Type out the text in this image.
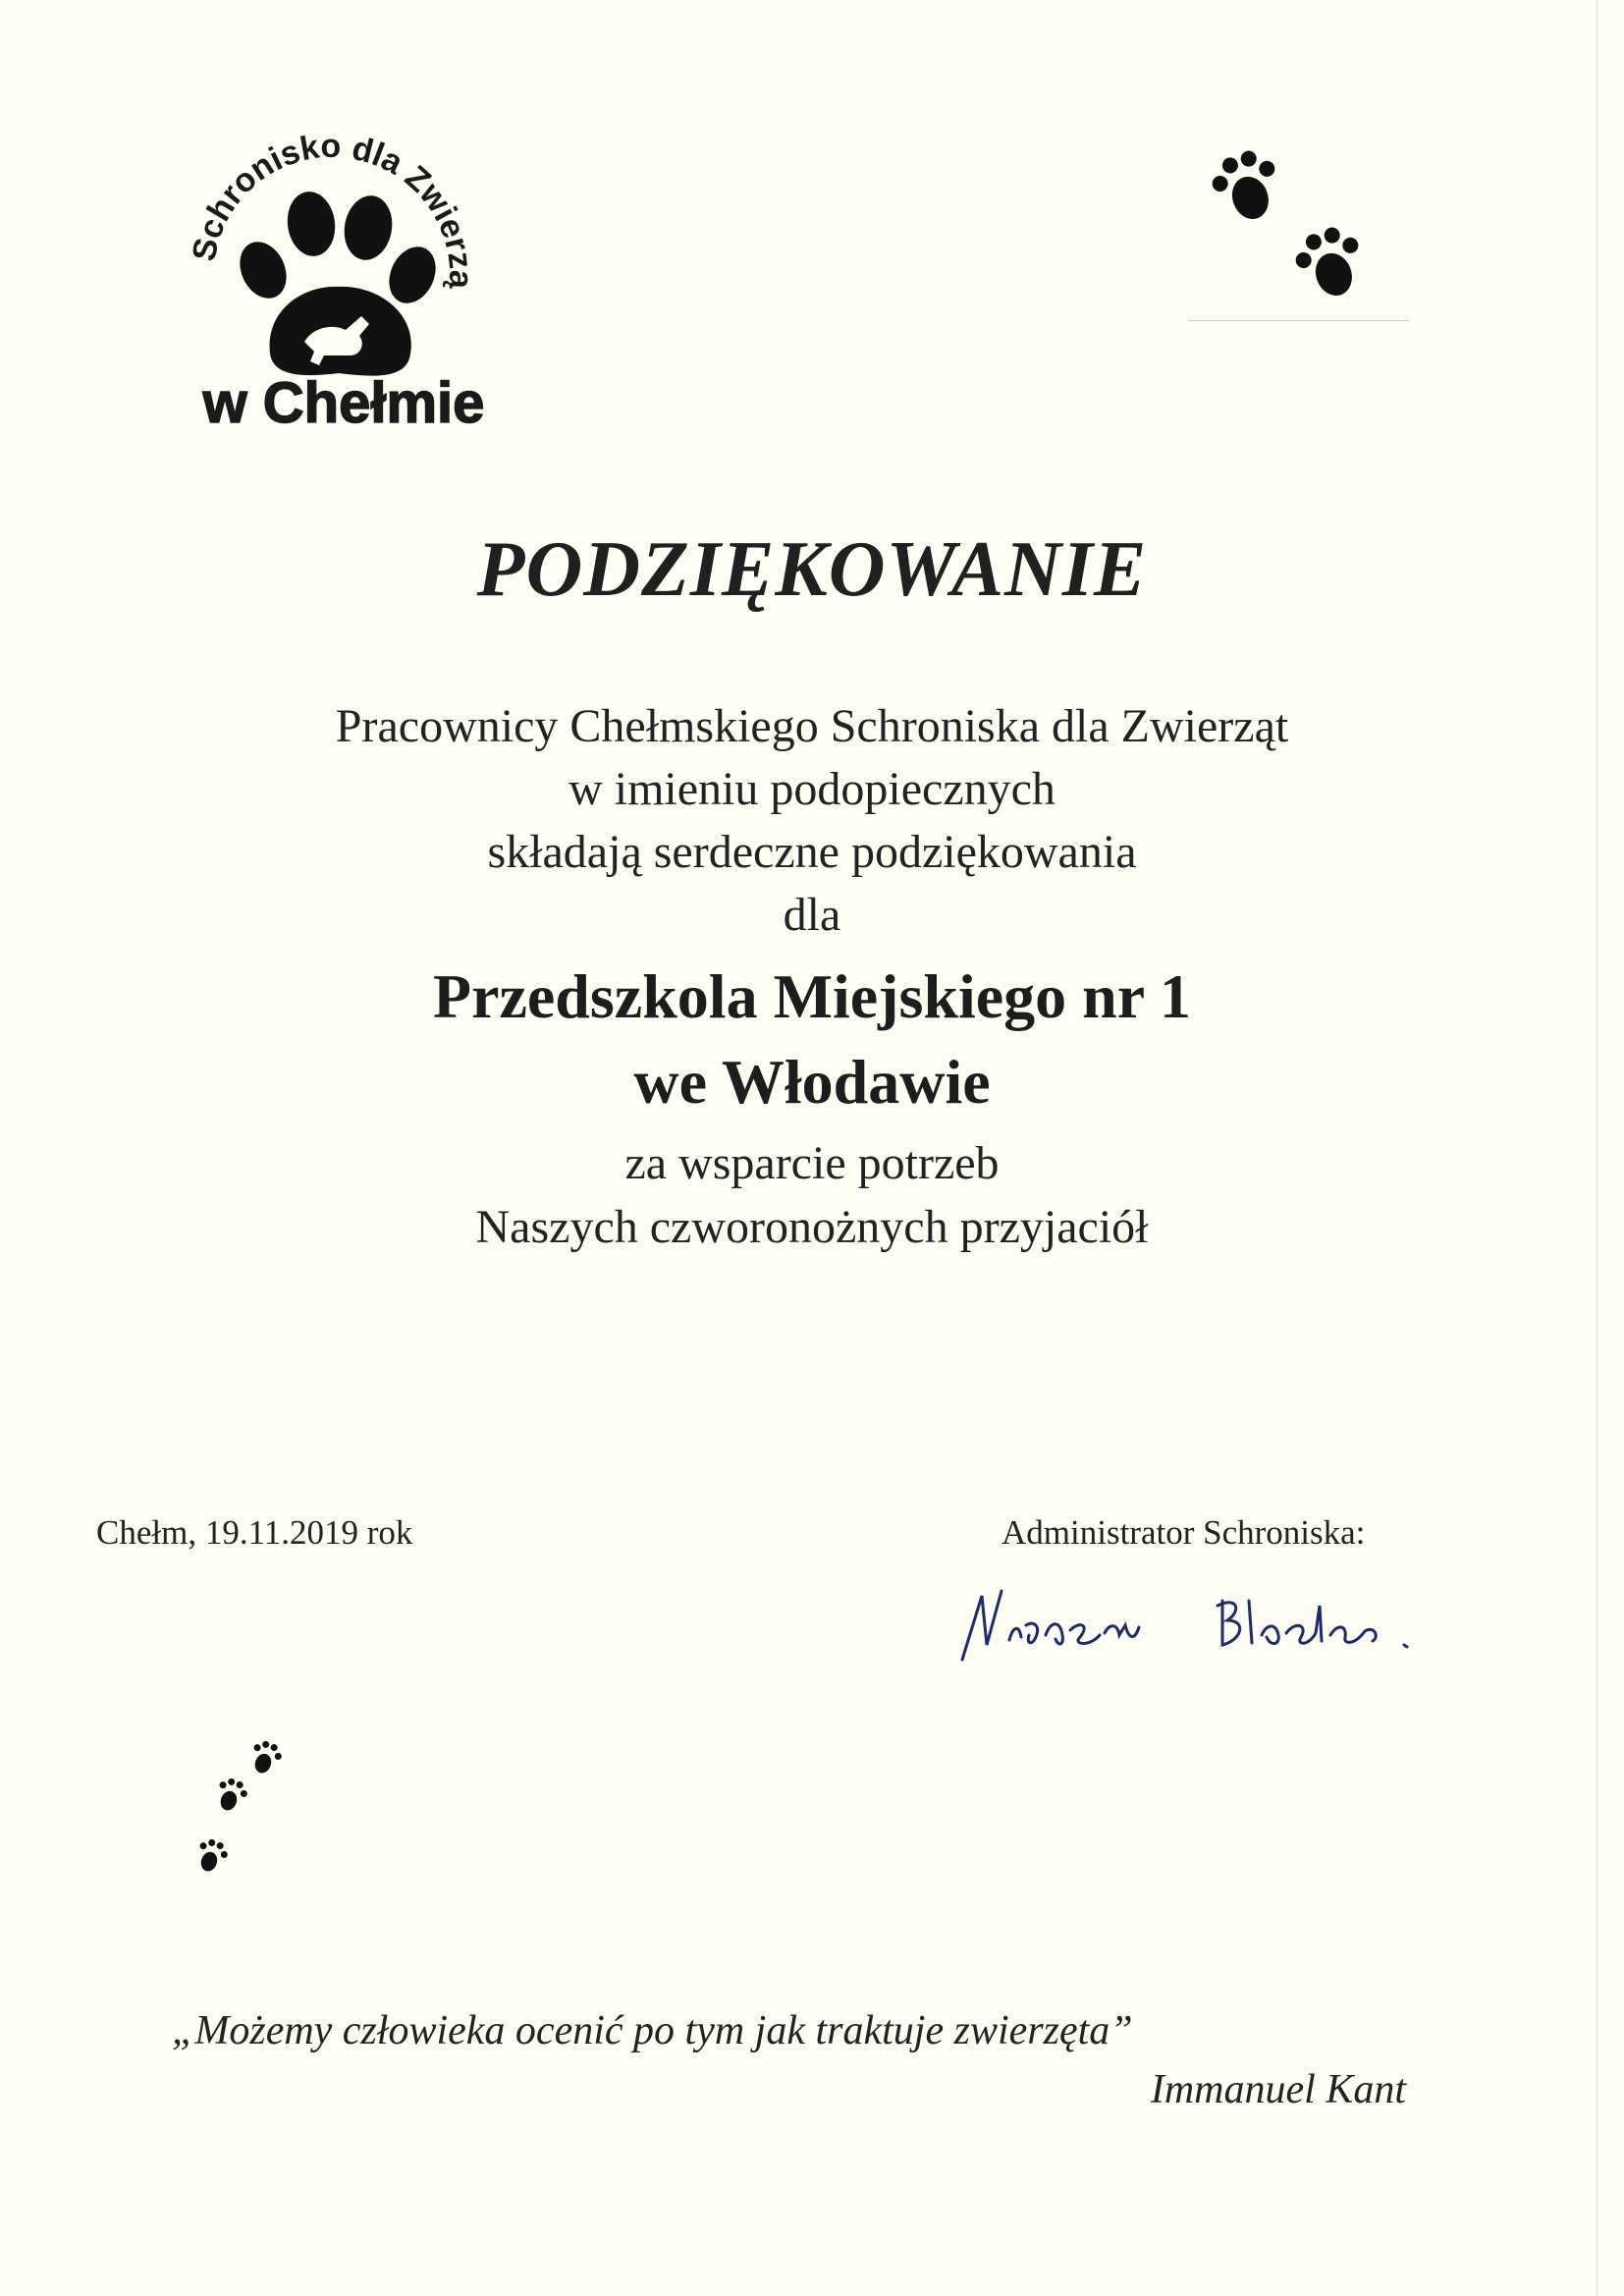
Schronisko dla Zwierzą
w Chełmie
PODZIĘKOWANIE
Pracownicy Chełmskiego Schroniska dla Zwierząt
w imieniu podopiecznych
składają serdeczne podziękowania
dla
Przedszkola Miejskiego nr 1
we Włodawie
za wsparcie potrzeb
Naszych czworonożnych przyjaciół
Chełm, 19.11.2019 rok	Administrator Schroniska:
„Możemy człowieka ocenić po tym jak traktuje zwierzęta”
Immanuel Kant
